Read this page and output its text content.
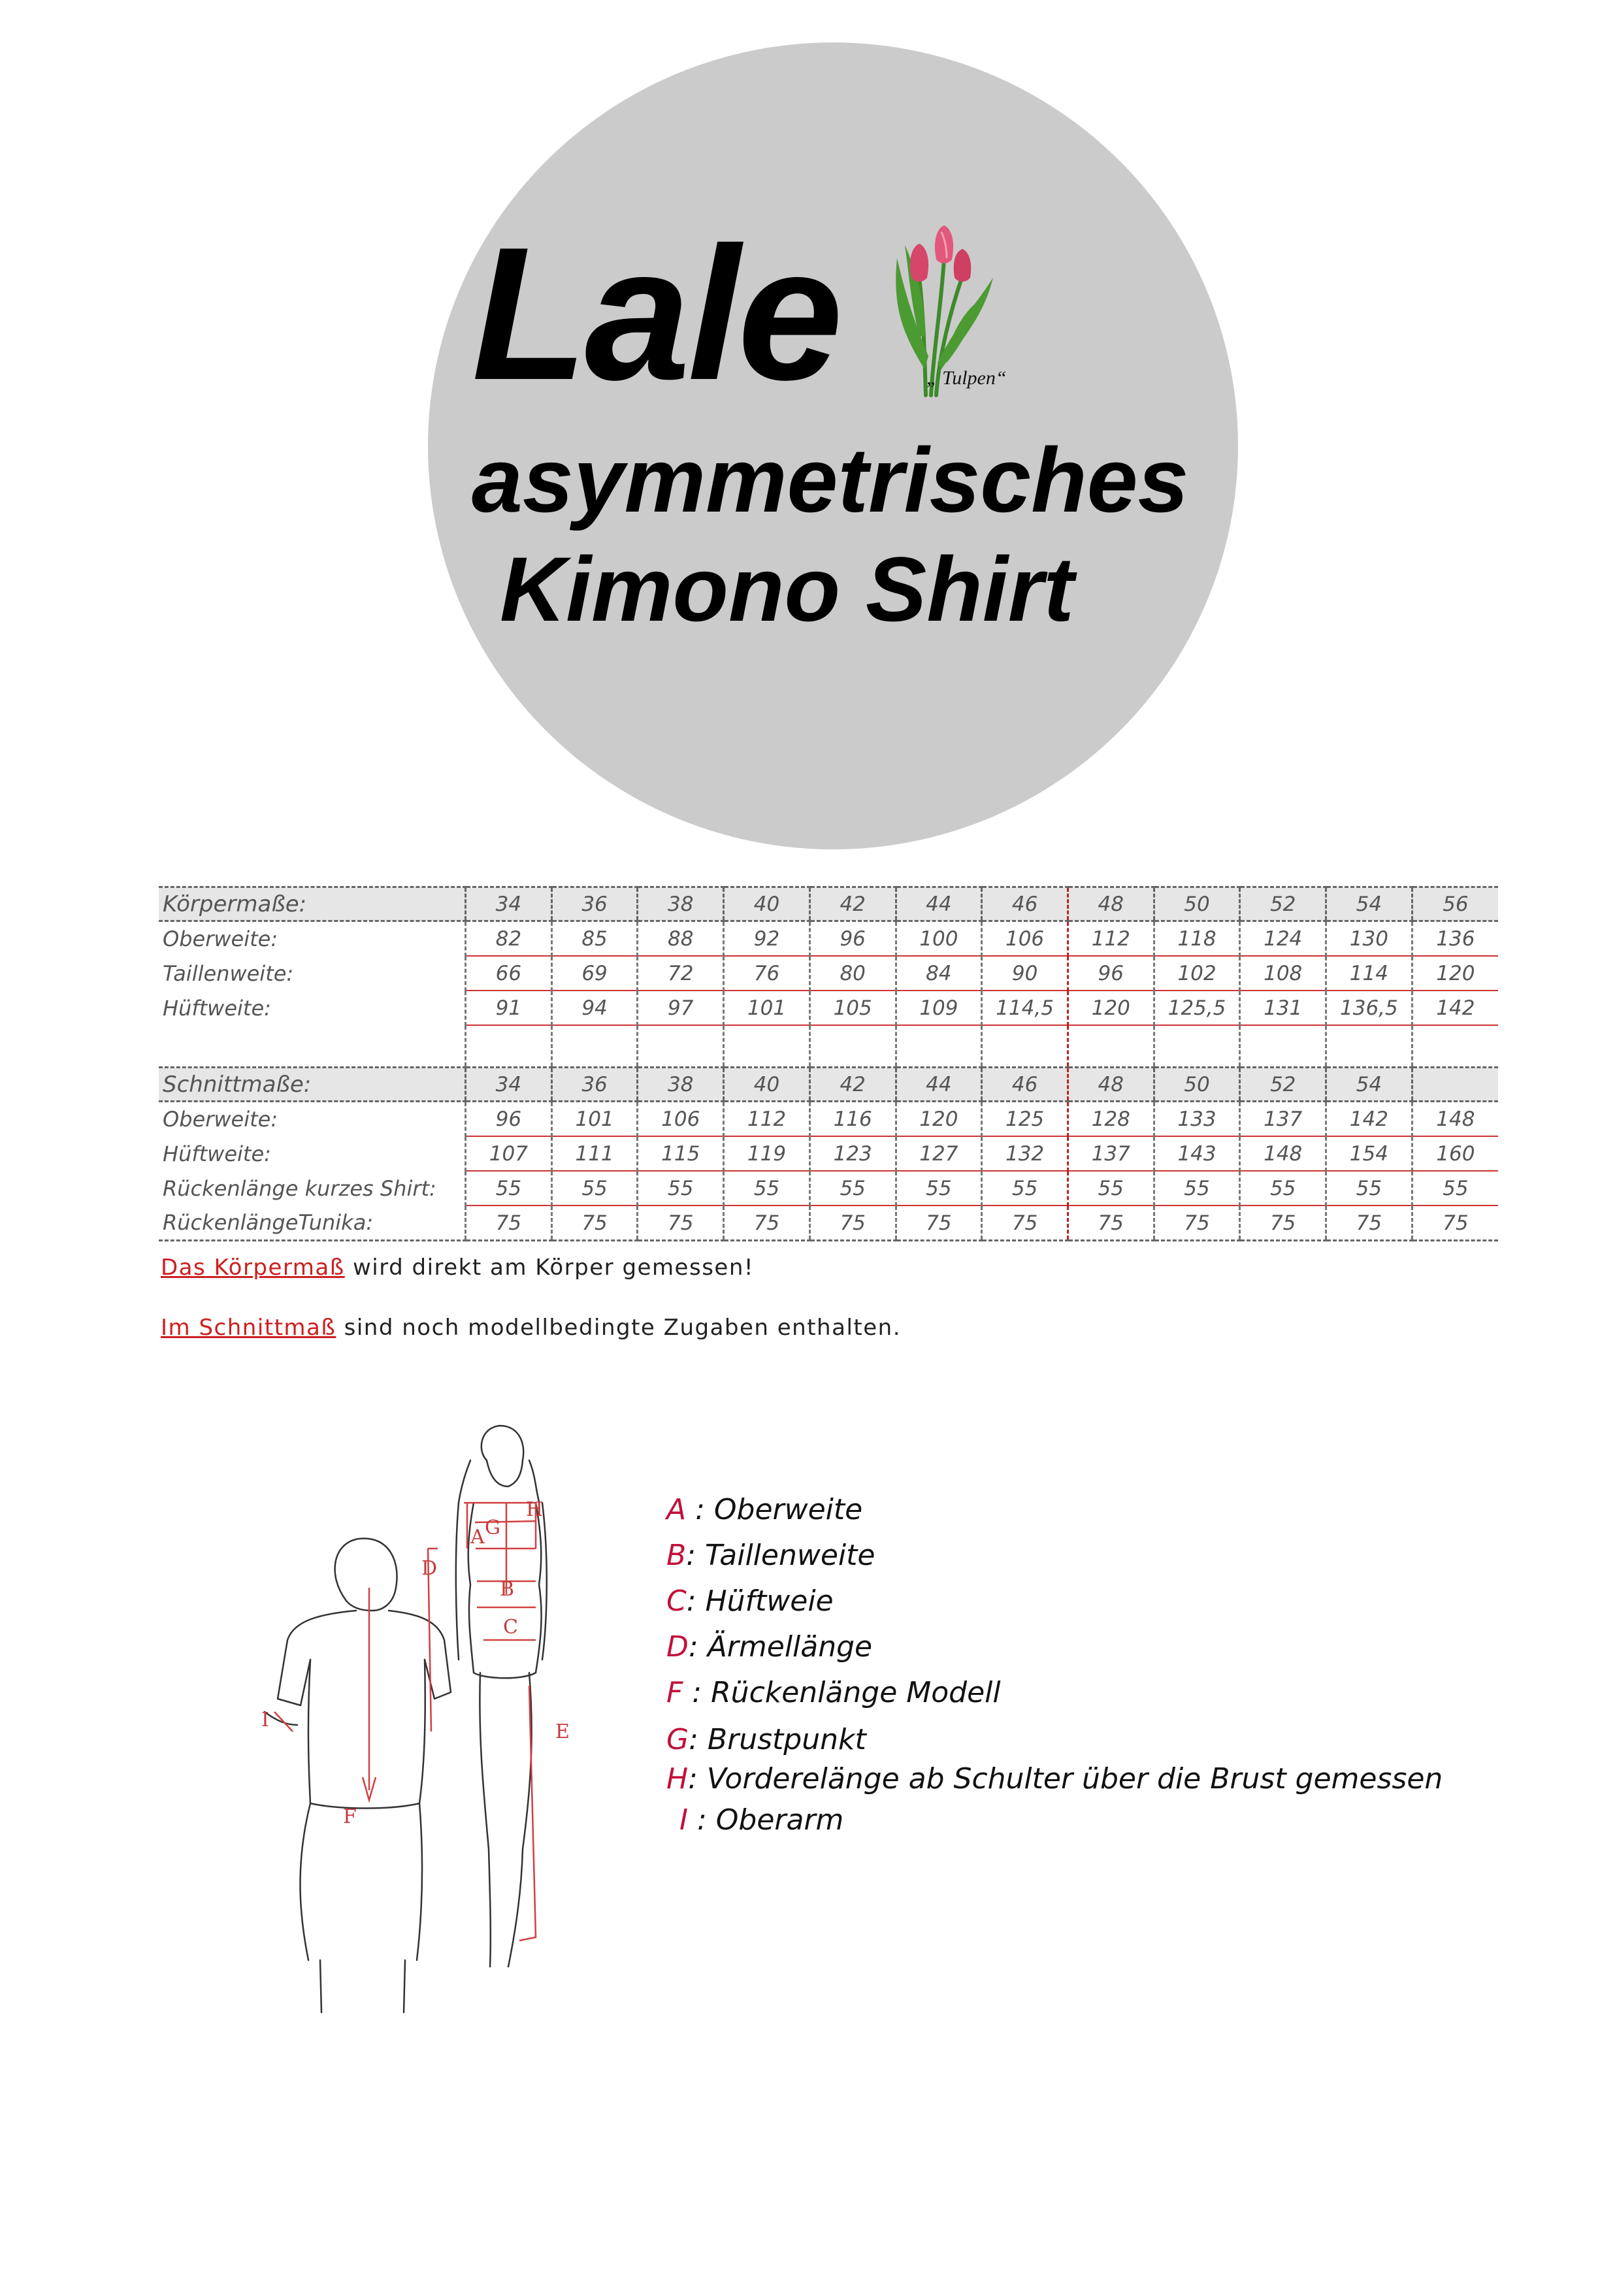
Lale	„ Tulpen“
asymmetrisches
Kimono Shirt
Körpermaße:	34	36	38	40	42	44	46	48	50	52	54	56
Oberweite:	82	85	88	92	96	100	106	112	118	124	130	136
Taillenweite:	66	69	72	76	80	84	90	96	102	108	114	120
Hüftweite:	91	94	97	101	105	109	114,5	120	125,5	131	136,5	142

Schnittmaße:	34	36	38	40	42	44	46	48	50	52	54	
Oberweite:	96	101	106	112	116	120	125	128	133	137	142	148
Hüftweite:	107	111	115	119	123	127	132	137	143	148	154	160
Rückenlänge kurzes Shirt:	55	55	55	55	55	55	55	55	55	55	55	55
RückenlängeTunika:	75	75	75	75	75	75	75	75	75	75	75	75

Das Körpermaß wird direkt am Körper gemessen!

Im Schnittmaß sind noch modellbedingte Zugaben enthalten.

A
B
C
D
E
F
G
H
I
A : Oberweite
B: Taillenweite
C: Hüftweie
D: Ärmellänge
F : Rückenlänge Modell
G: Brustpunkt
H: Vorderelänge ab Schulter über die Brust gemessen
I : Oberarm
